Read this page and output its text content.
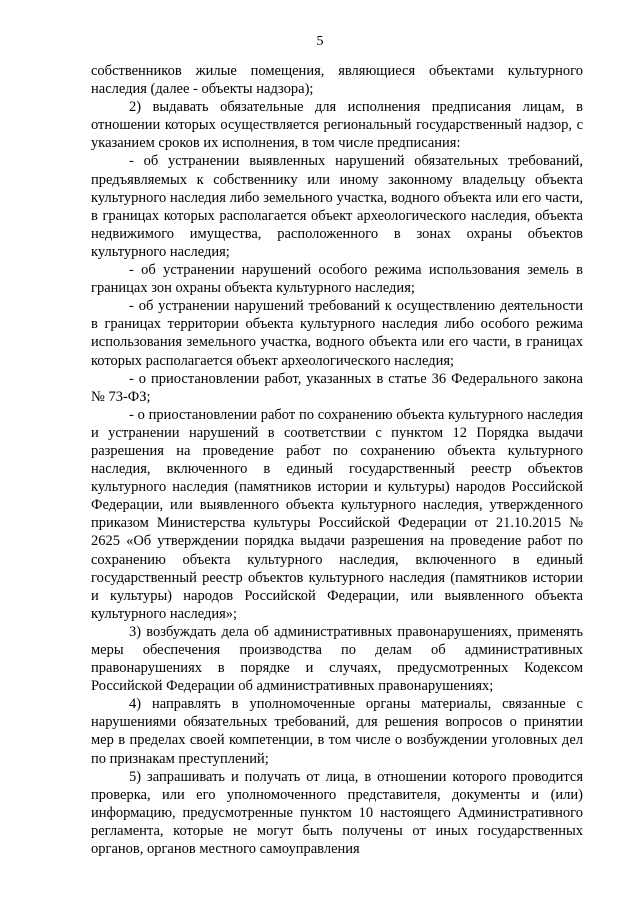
5

собственников жилые помещения, являющиеся объектами культурного наследия (далее - объекты надзора);

2) выдавать обязательные для исполнения предписания лицам, в отношении которых осуществляется региональный государственный надзор, с указанием сроков их исполнения, в том числе предписания:

- об устранении выявленных нарушений обязательных требований, предъявляемых к собственнику или иному законному владельцу объекта культурного наследия либо земельного участка, водного объекта или его части, в границах которых располагается объект археологического наследия, объекта недвижимого имущества, расположенного в зонах охраны объектов культурного наследия;

- об устранении нарушений особого режима использования земель в границах зон охраны объекта культурного наследия;

- об устранении нарушений требований к осуществлению деятельности в границах территории объекта культурного наследия либо особого режима использования земельного участка, водного объекта или его части, в границах которых располагается объект археологического наследия;

- о приостановлении работ, указанных в статье 36 Федерального закона № 73-ФЗ;

- о приостановлении работ по сохранению объекта культурного наследия и устранении нарушений в соответствии с пунктом 12 Порядка выдачи разрешения на проведение работ по сохранению объекта культурного наследия, включенного в единый государственный реестр объектов культурного наследия (памятников истории и культуры) народов Российской Федерации, или выявленного объекта культурного наследия, утвержденного приказом Министерства культуры Российской Федерации от 21.10.2015 № 2625 «Об утверждении порядка выдачи разрешения на проведение работ по сохранению объекта культурного наследия, включенного в единый государственный реестр объектов культурного наследия (памятников истории и культуры) народов Российской Федерации, или выявленного объекта культурного наследия»;

3) возбуждать дела об административных правонарушениях, применять меры обеспечения производства по делам об административных правонарушениях в порядке и случаях, предусмотренных Кодексом Российской Федерации об административных правонарушениях;

4) направлять в уполномоченные органы материалы, связанные с нарушениями обязательных требований, для решения вопросов о принятии мер в пределах своей компетенции, в том числе о возбуждении уголовных дел по признакам преступлений;

5) запрашивать и получать от лица, в отношении которого проводится проверка, или его уполномоченного представителя, документы и (или) информацию, предусмотренные пунктом 10 настоящего Административного регламента, которые не могут быть получены от иных государственных органов, органов местного самоуправления
